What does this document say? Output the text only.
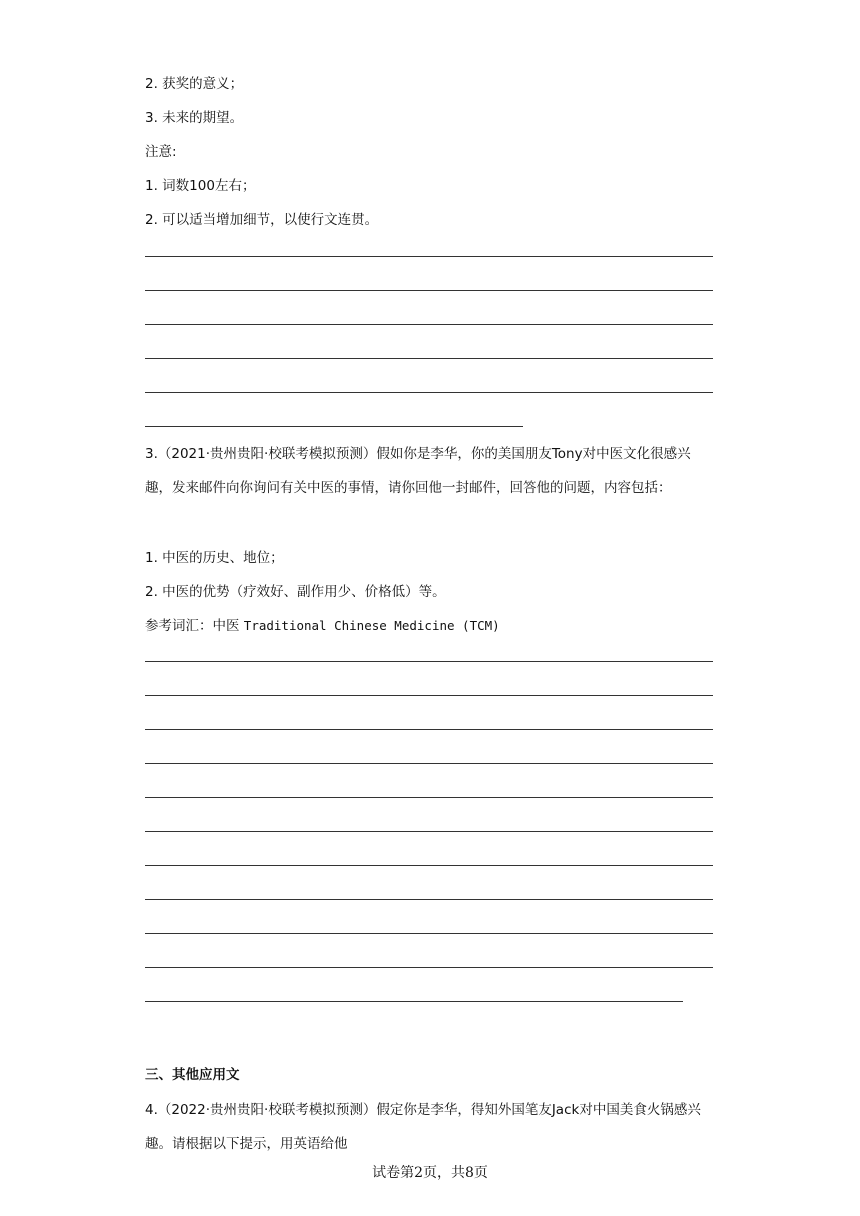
2. 获奖的意义；
3. 未来的期望。
注意:
1. 词数100左右；
2. 可以适当增加细节，以使行文连贯。
3.（2021·贵州贵阳·校联考模拟预测）假如你是李华，你的美国朋友Tony对中医文化很感兴趣，发来邮件向你询问有关中医的事情，请你回他一封邮件，回答他的问题，内容包括：
1. 中医的历史、地位；
2. 中医的优势（疗效好、副作用少、价格低）等。
参考词汇：中医 Traditional Chinese Medicine (TCM)
三、其他应用文
4.（2022·贵州贵阳·校联考模拟预测）假定你是李华，得知外国笔友Jack对中国美食火锅感兴趣。请根据以下提示，用英语给他
试卷第2页，共8页
